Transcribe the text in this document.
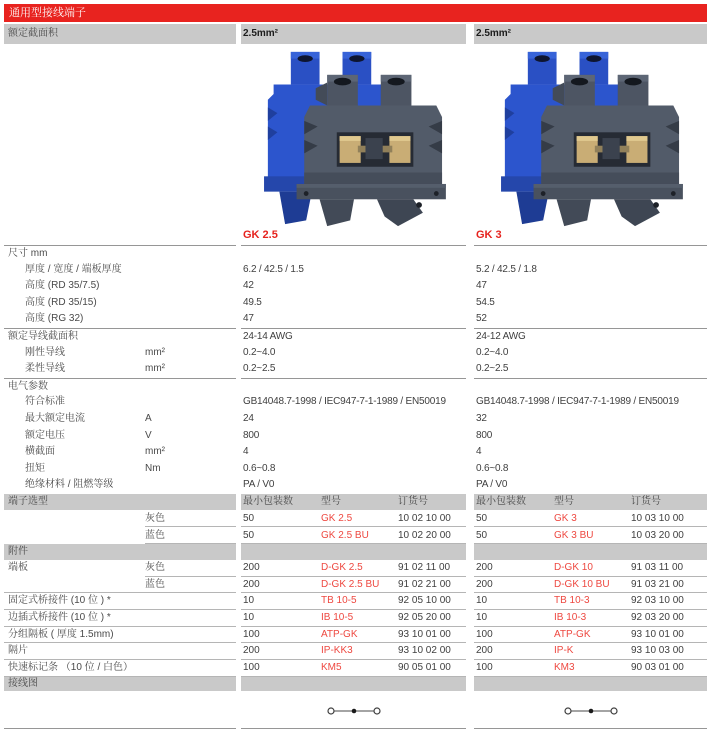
通用型接线端子
额定截面积	2.5mm²	2.5mm²
GK 2.5	GK 3
尺寸 mm
厚度 / 宽度 / 端板厚度	6.2 / 42.5 / 1.5	5.2 / 42.5 / 1.8
高度 (RD 35/7.5)	42	47
高度 (RD 35/15)	49.5	54.5
高度 (RG 32)	47	52
额定导线截面积	24-14 AWG	24-12 AWG
刚性导线	mm²	0.2~4.0	0.2~4.0
柔性导线	mm²	0.2~2.5	0.2~2.5
电气参数
符合标准	GB14048.7-1998 / IEC947-7-1-1989 / EN50019	GB14048.7-1998 / IEC947-7-1-1989 / EN50019
最大额定电流	A	24	32
额定电压	V	800	800
横截面	mm²	4	4
扭矩	Nm	0.6~0.8	0.6~0.8
绝缘材料 / 阻燃等级	PA / V0	PA / V0
端子选型	最小包装数	型号	订货号	最小包装数	型号	订货号
灰色	50	GK 2.5	10 02 10 00	50	GK 3	10 03 10 00
蓝色	50	GK 2.5 BU	10 02 20 00	50	GK 3 BU	10 03 20 00
附件
端板	灰色	200	D-GK 2.5	91 02 11 00	200	D-GK 10	91 03 11 00
蓝色	200	D-GK 2.5 BU	91 02 21 00	200	D-GK 10 BU	91 03 21 00
固定式桥接件 (10 位 ) *	10	TB 10-5	92 05 10 00	10	TB 10-3	92 03 10 00
边插式桥接件 (10 位 ) *	10	IB 10-5	92 05 20 00	10	IB 10-3	92 03 20 00
分组隔板 ( 厚度 1.5mm)	100	ATP-GK	93 10 01 00	100	ATP-GK	93 10 01 00
隔片	200	IP-KK3	93 10 02 00	200	IP-K	93 10 03 00
快速标记条 （10 位 / 白色）	100	KM5	90 05 01 00	100	KM3	90 03 01 00
接线图
